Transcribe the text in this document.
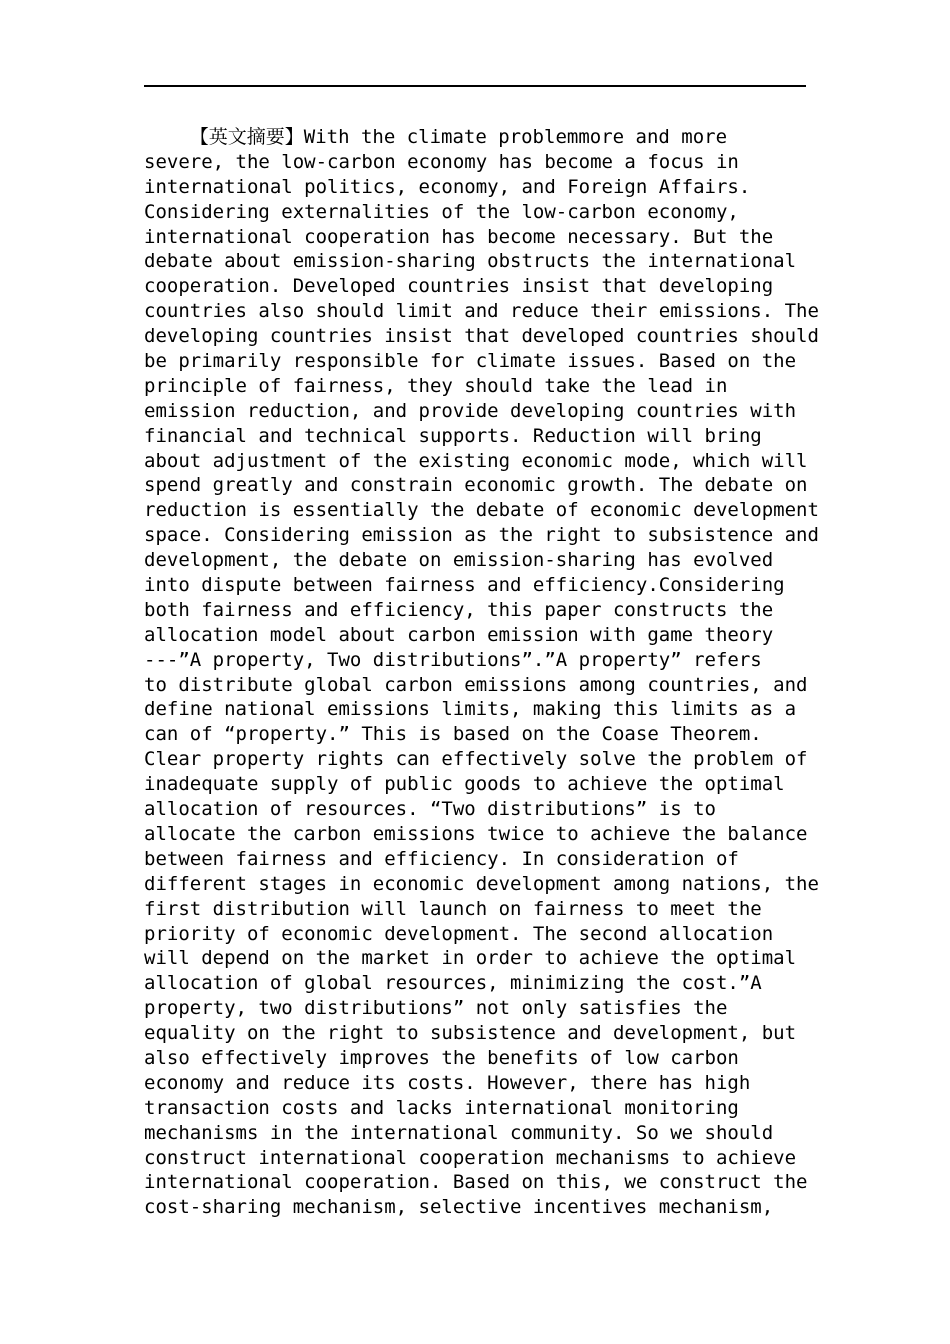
【英文摘要】With the climate problemmore and more
severe, the low-carbon economy has become a focus in
international politics, economy, and Foreign Affairs.
Considering externalities of the low-carbon economy,
international cooperation has become necessary. But the
debate about emission-sharing obstructs the international
cooperation. Developed countries insist that developing
countries also should limit and reduce their emissions. The
developing countries insist that developed countries should
be primarily responsible for climate issues. Based on the
principle of fairness, they should take the lead in
emission reduction, and provide developing countries with
financial and technical supports. Reduction will bring
about adjustment of the existing economic mode, which will
spend greatly and constrain economic growth. The debate on
reduction is essentially the debate of economic development
space. Considering emission as the right to subsistence and
development, the debate on emission-sharing has evolved
into dispute between fairness and efficiency.Considering
both fairness and efficiency, this paper constructs the
allocation model about carbon emission with game theory
---”A property, Two distributions”.”A property” refers
to distribute global carbon emissions among countries, and
define national emissions limits, making this limits as a
can of “property.” This is based on the Coase Theorem.
Clear property rights can effectively solve the problem of
inadequate supply of public goods to achieve the optimal
allocation of resources. “Two distributions” is to
allocate the carbon emissions twice to achieve the balance
between fairness and efficiency. In consideration of
different stages in economic development among nations, the
first distribution will launch on fairness to meet the
priority of economic development. The second allocation
will depend on the market in order to achieve the optimal
allocation of global resources, minimizing the cost.”A
property, two distributions” not only satisfies the
equality on the right to subsistence and development, but
also effectively improves the benefits of low carbon
economy and reduce its costs. However, there has high
transaction costs and lacks international monitoring
mechanisms in the international community. So we should
construct international cooperation mechanisms to achieve
international cooperation. Based on this, we construct the
cost-sharing mechanism, selective incentives mechanism,
